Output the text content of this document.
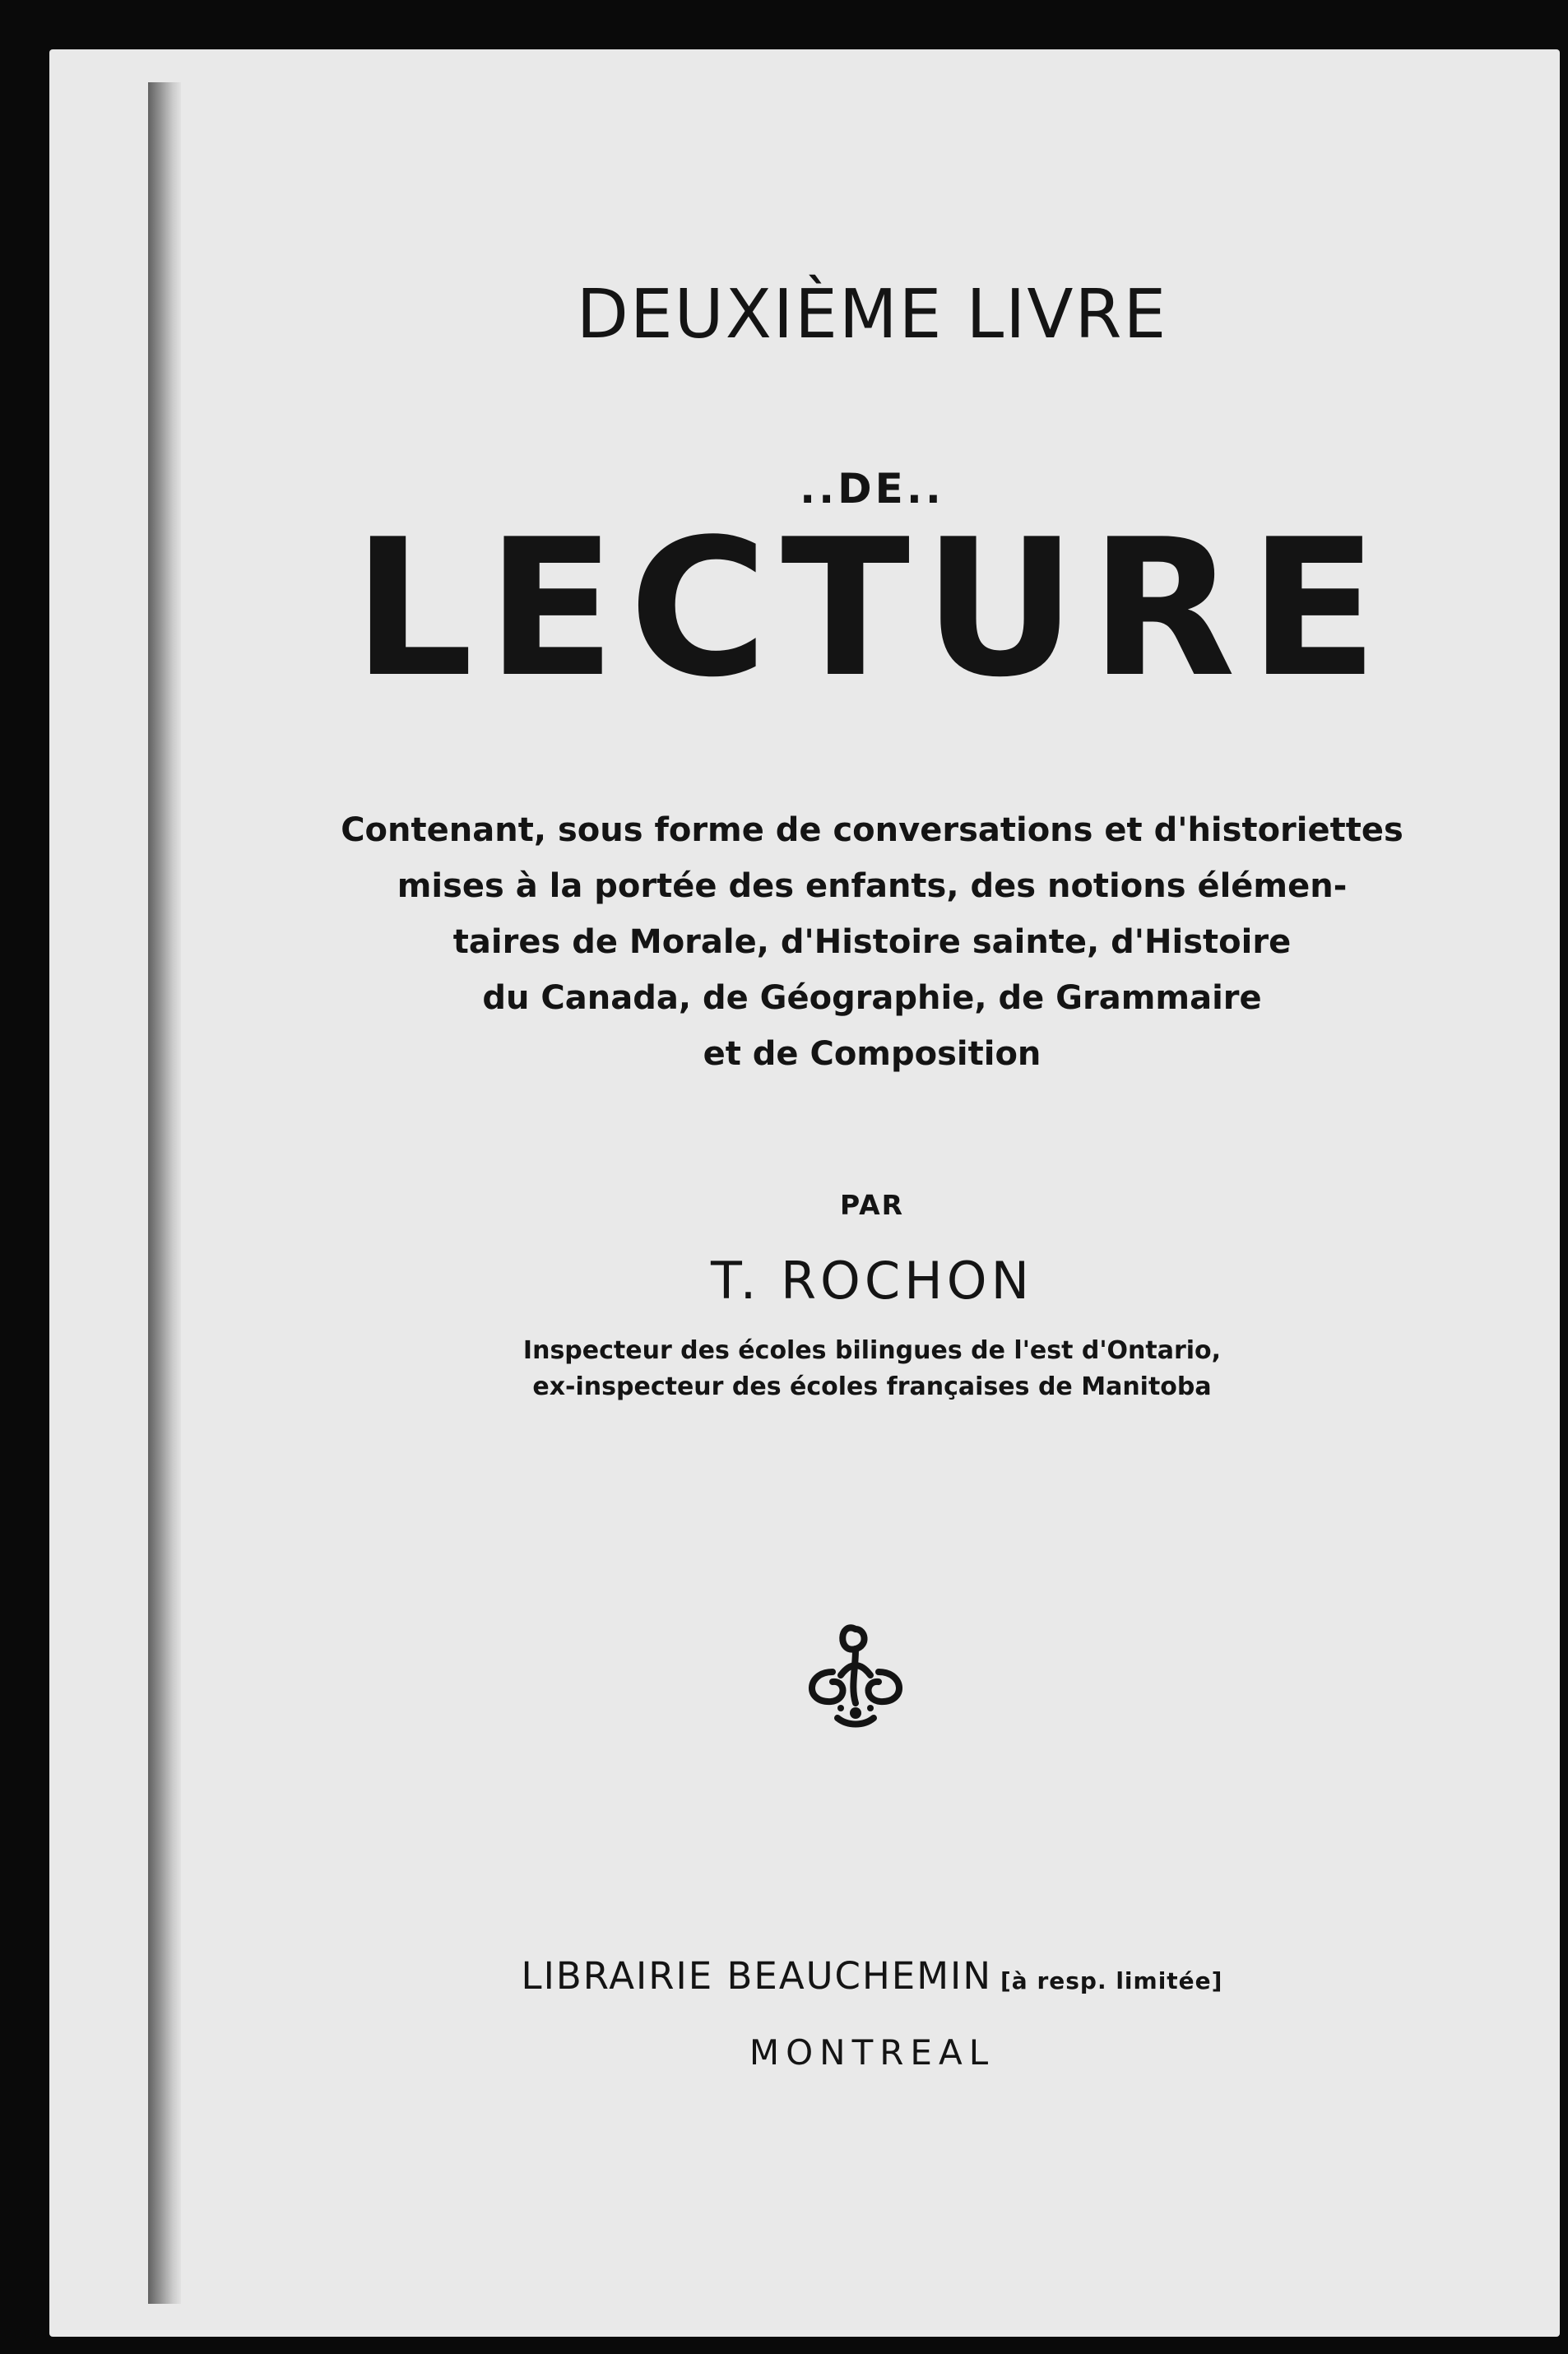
DEUXIÈME LIVRE
..DE..
LECTURE
Contenant, sous forme de conversations et d'historiettes
mises à la portée des enfants, des notions élémen-
taires de Morale, d'Histoire sainte, d'Histoire
du Canada, de Géographie, de Grammaire
et de Composition
PAR
T. ROCHON
Inspecteur des écoles bilingues de l'est d'Ontario,
ex-inspecteur des écoles françaises de Manitoba
LIBRAIRIE BEAUCHEMIN [à resp. limitée]
MONTREAL
